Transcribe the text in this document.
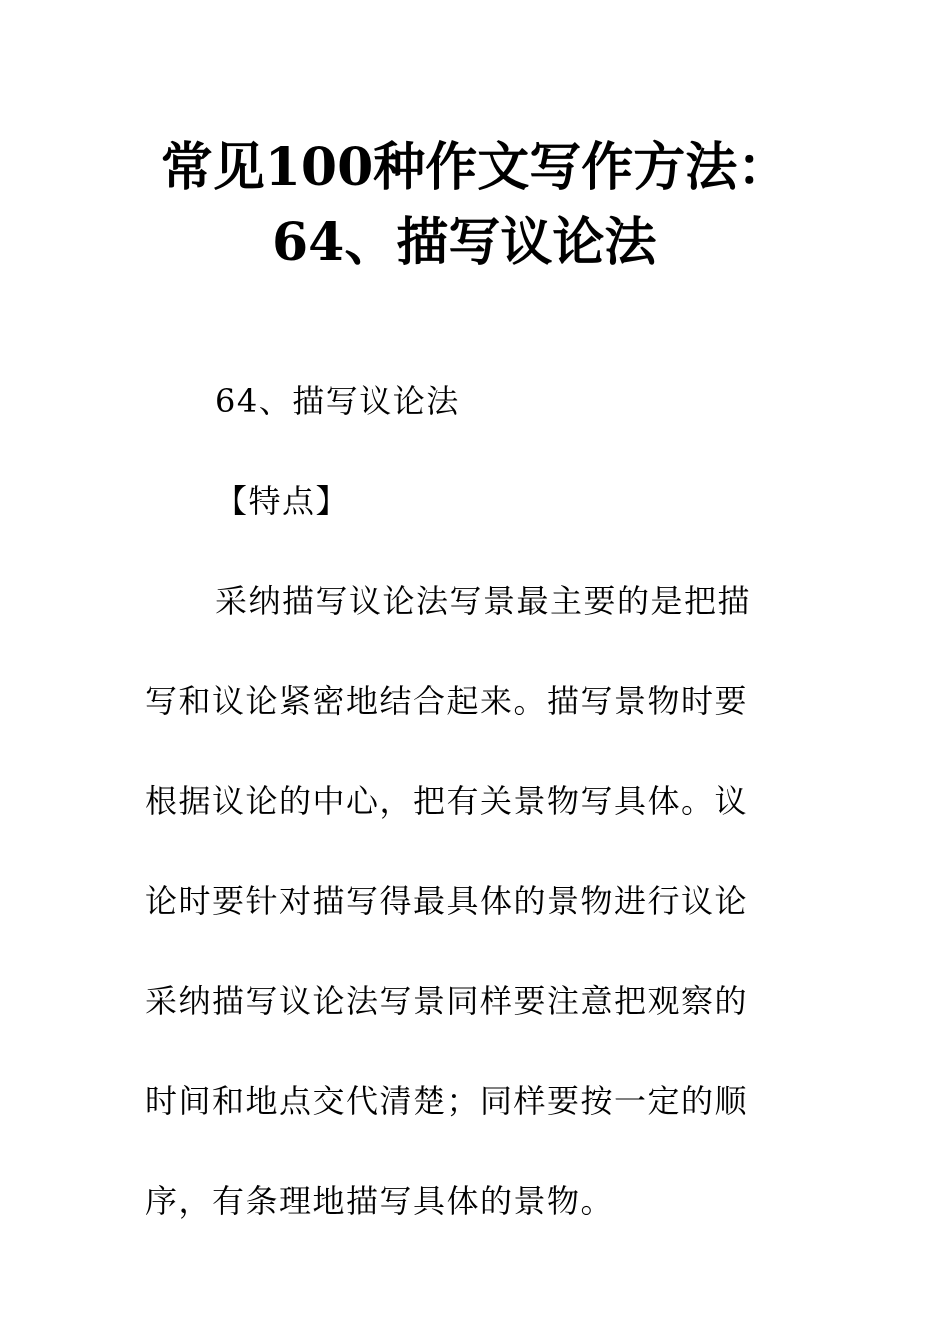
常见100种作文写作方法：
64、描写议论法

64、描写议论法

【特点】

采纳描写议论法写景最主要的是把描

写和议论紧密地结合起来。描写景物时要

根据议论的中心，把有关景物写具体。议

论时要针对描写得最具体的景物进行议论

采纳描写议论法写景同样要注意把观察的

时间和地点交代清楚；同样要按一定的顺

序，有条理地描写具体的景物。
